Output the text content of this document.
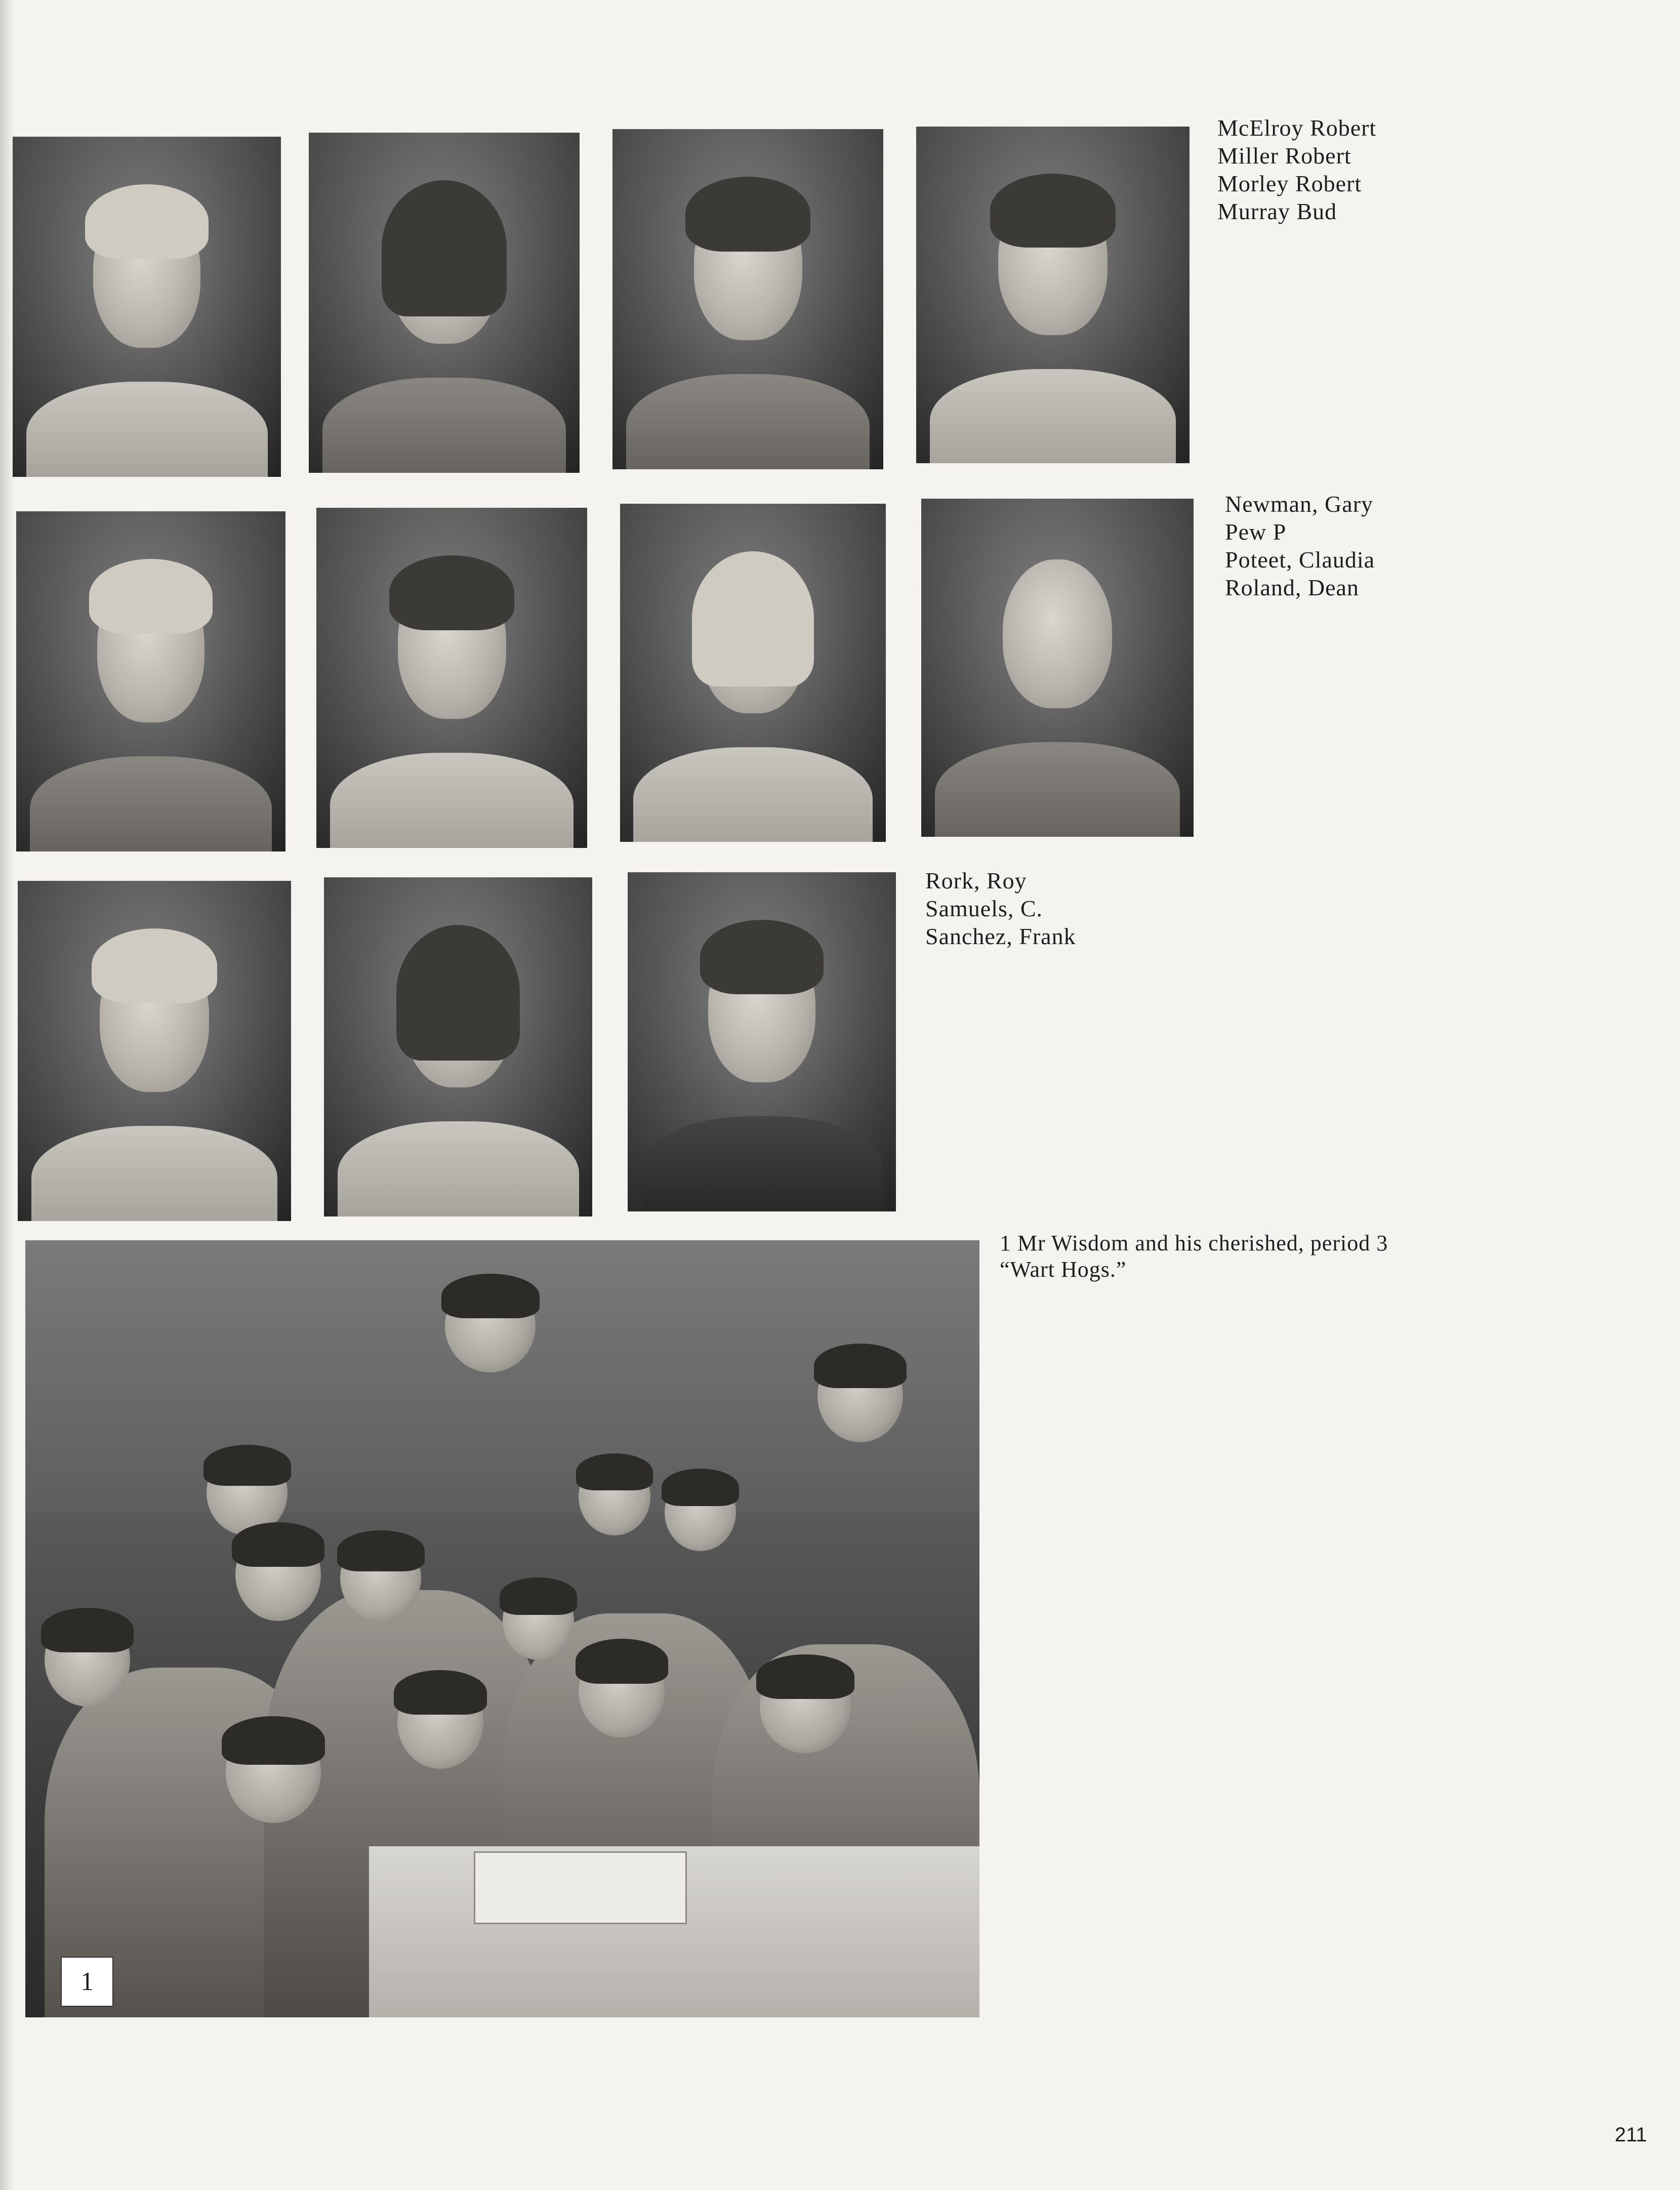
McElroy Robert
Miller Robert
Morley Robert
Murray Bud
Newman, Gary
Pew P
Poteet, Claudia
Roland, Dean
Rork, Roy
Samuels, C.
Sanchez, Frank
1
1 Mr Wisdom and his cherished, period 3
“Wart Hogs.”
211
